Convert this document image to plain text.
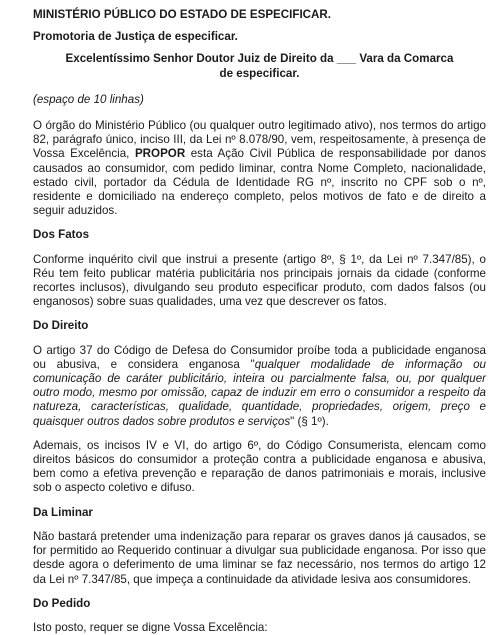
MINISTÉRIO PÚBLICO DO ESTADO DE ESPECIFICAR.

Promotoria de Justiça de especificar.

Excelentíssimo Senhor Doutor Juiz de Direito da ___ Vara da Comarca

de especificar.

(espaço de 10 linhas)

O órgão do Ministério Público (ou qualquer outro legitimado ativo), nos termos do artigo 82, parágrafo único, inciso III, da Lei nº 8.078/90, vem, respeitosamente, à presença de Vossa Excelência, PROPOR esta Ação Civil Pública de responsabilidade por danos causados ao consumidor, com pedido liminar, contra Nome Completo, nacionalidade, estado civil, portador da Cédula de Identidade RG nº, inscrito no CPF sob o nº, residente e domiciliado na endereço completo, pelos motivos de fato e de direito a seguir aduzidos.

Dos Fatos

Conforme inquérito civil que instrui a presente (artigo 8º, § 1º, da Lei nº 7.347/85), o Réu tem feito publicar matéria publicitária nos principais jornais da cidade (conforme recortes inclusos), divulgando seu produto especificar produto, com dados falsos (ou enganosos) sobre suas qualidades, uma vez que descrever os fatos.

Do Direito

O artigo 37 do Código de Defesa do Consumidor proíbe toda a publicidade enganosa ou abusiva, e considera enganosa "qualquer modalidade de informação ou comunicação de caráter publicitário, inteira ou parcialmente falsa, ou, por qualquer outro modo, mesmo por omissão, capaz de induzir em erro o consumidor a respeito da natureza, características, qualidade, quantidade, propriedades, origem, preço e quaisquer outros dados sobre produtos e serviços" (§ 1º).

Ademais, os incisos IV e VI, do artigo 6º, do Código Consumerista, elencam como direitos básicos do consumidor a proteção contra a publicidade enganosa e abusiva, bem como a efetiva prevenção e reparação de danos patrimoniais e morais, inclusive sob o aspecto coletivo e difuso.

Da Liminar

Não bastará pretender uma indenização para reparar os graves danos já causados, se for permitido ao Requerido continuar a divulgar sua publicidade enganosa. Por isso que desde agora o deferimento de uma liminar se faz necessário, nos termos do artigo 12 da Lei nº 7.347/85, que impeça a continuidade da atividade lesiva aos consumidores.

Do Pedido

Isto posto, requer se digne Vossa Excelência:
